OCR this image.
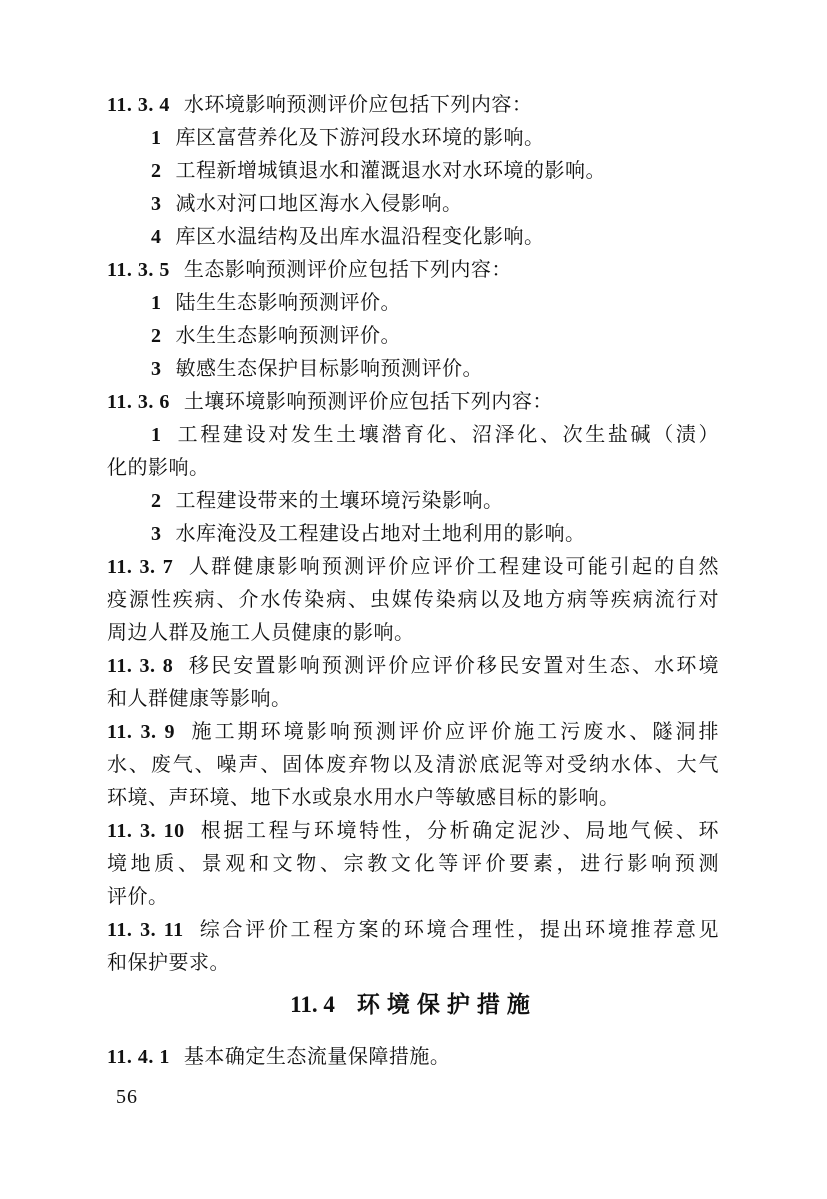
11. 3. 4 水环境影响预测评价应包括下列内容：
1 库区富营养化及下游河段水环境的影响。
2 工程新增城镇退水和灌溉退水对水环境的影响。
3 减水对河口地区海水入侵影响。
4 库区水温结构及出库水温沿程变化影响。
11. 3. 5 生态影响预测评价应包括下列内容：
1 陆生生态影响预测评价。
2 水生生态影响预测评价。
3 敏感生态保护目标影响预测评价。
11. 3. 6 土壤环境影响预测评价应包括下列内容：
1 工程建设对发生土壤潜育化、沼泽化、次生盐碱（渍）
化的影响。
2 工程建设带来的土壤环境污染影响。
3 水库淹没及工程建设占地对土地利用的影响。
11. 3. 7 人群健康影响预测评价应评价工程建设可能引起的自然
疫源性疾病、介水传染病、虫媒传染病以及地方病等疾病流行对
周边人群及施工人员健康的影响。
11. 3. 8 移民安置影响预测评价应评价移民安置对生态、水环境
和人群健康等影响。
11. 3. 9 施工期环境影响预测评价应评价施工污废水、隧洞排
水、废气、噪声、固体废弃物以及清淤底泥等对受纳水体、大气
环境、声环境、地下水或泉水用水户等敏感目标的影响。
11. 3. 10 根据工程与环境特性，分析确定泥沙、局地气候、环
境地质、景观和文物、宗教文化等评价要素，进行影响预测
评价。
11. 3. 11 综合评价工程方案的环境合理性，提出环境推荐意见
和保护要求。
11. 4 环境保护措施
11. 4. 1 基本确定生态流量保障措施。
56
